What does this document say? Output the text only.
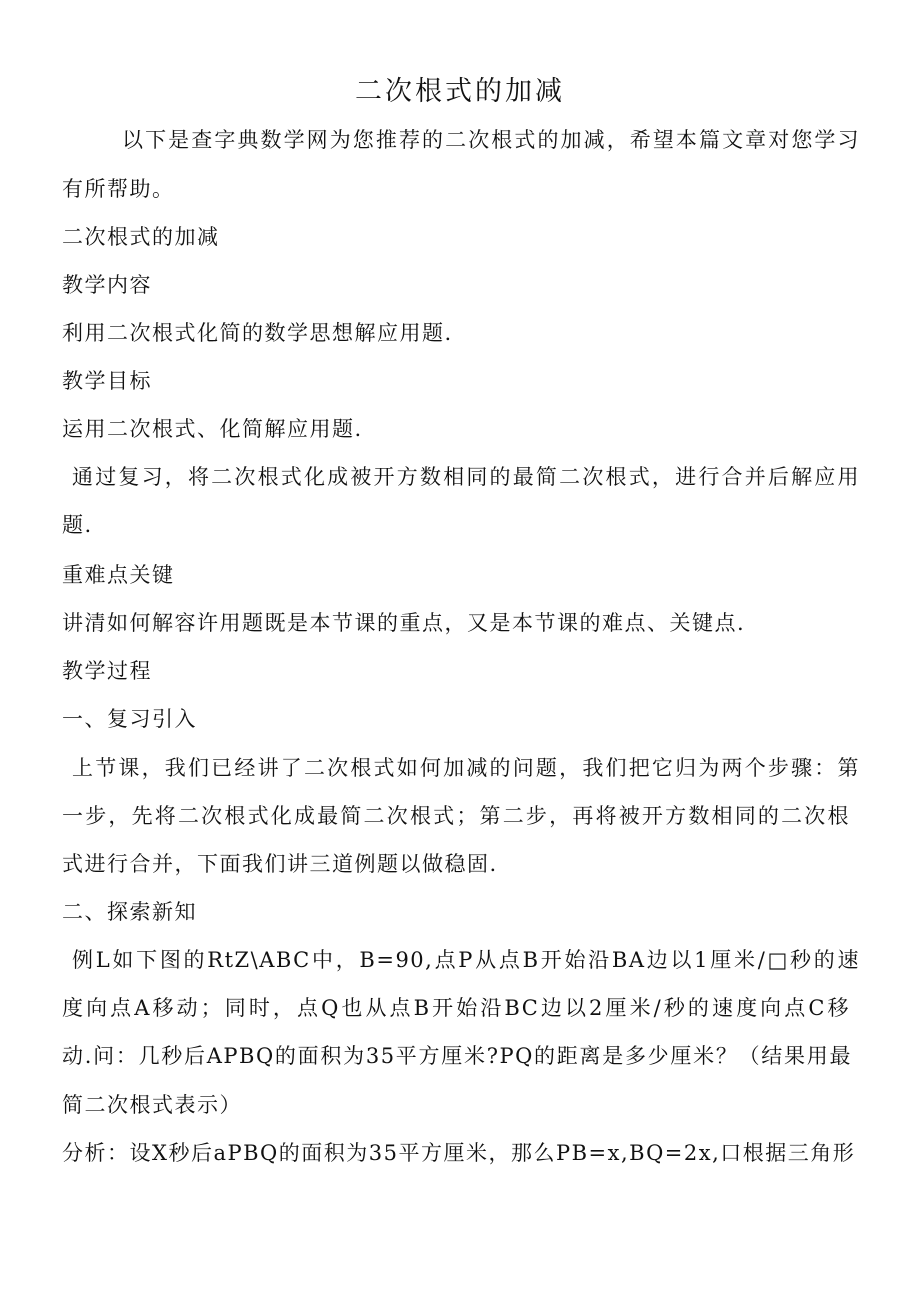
二次根式的加减

以下是查字典数学网为您推荐的二次根式的加减，希望本篇文章对您学习

有所帮助。

二次根式的加减

教学内容

利用二次根式化简的数学思想解应用题.

教学目标

运用二次根式、化简解应用题.

通过复习，将二次根式化成被开方数相同的最简二次根式，进行合并后解应用

题.

重难点关键

讲清如何解容许用题既是本节课的重点，又是本节课的难点、关键点.

教学过程

一、复习引入

上节课，我们已经讲了二次根式如何加减的问题，我们把它归为两个步骤：第

一步，先将二次根式化成最简二次根式；第二步，再将被开方数相同的二次根

式进行合并，下面我们讲三道例题以做稳固.

二、探索新知

例L如下图的RtZ\ABC中，B=90,点P从点B开始沿BA边以1厘米/□秒的速

度向点A移动；同时，点Q也从点B开始沿BC边以2厘米/秒的速度向点C移

动.问：几秒后APBQ的面积为35平方厘米?PQ的距离是多少厘米？（结果用最

简二次根式表示）

分析：设X秒后aPBQ的面积为35平方厘米，那么PB=x,BQ=2x,口根据三角形
